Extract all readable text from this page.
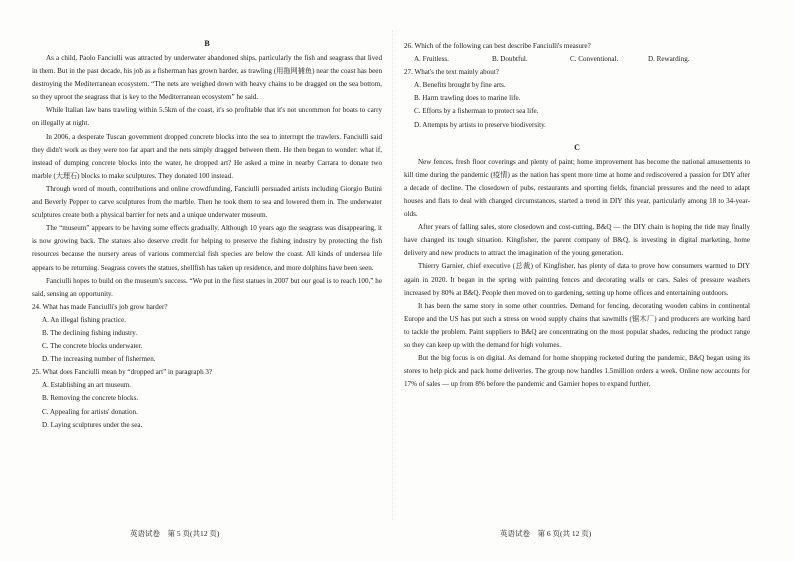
B

As a child, Paolo Fanciulli was attracted by underwater abandoned ships, particularly the fish and seagrass that lived in them. But in the past decade, his job as a fisherman has grown harder, as trawling (用拖网捕鱼) near the coast has been destroying the Mediterranean ecosystem. “The nets are weighed down with heavy chains to be dragged on the sea bottom, so they uproot the seagrass that is key to the Mediterranean ecosystem” he said.

While Italian law bans trawling within 5.5km of the coast, it's so profitable that it's not uncommon for boats to carry on illegally at night.

In 2006, a desperate Tuscan government dropped concrete blocks into the sea to interrupt the trawlers. Fanciulli said they didn't work as they were too far apart and the nets simply dragged between them. He then began to wonder: what if, instead of dumping concrete blocks into the water, he dropped art? He asked a mine in nearby Carrara to donate two marble (大理石) blocks to make sculptures. They donated 100 instead.

Through word of mouth, contributions and online crowdfunding, Fanciulli persuaded artists including Giorgio Butini and Beverly Pepper to carve sculptures from the marble. Then he took them to sea and lowered them in. The underwater sculptures create both a physical barrier for nets and a unique underwater museum.

The “museum” appears to be having some effects gradually. Although 10 years ago the seagrass was disappearing, it is now growing back. The statues also deserve credit for helping to preserve the fishing industry by protecting the fish resources because the nursery areas of various commercial fish species are below the coast. All kinds of undersea life appears to be returning. Seagrass covers the statues, shellfish has taken up residence, and more dolphins have been seen.

Fanciulli hopes to build on the museum's success. “We put in the first statues in 2007 but our goal is to reach 100,” he said, sensing an opportunity.

24. What has made Fanciulli's job grow harder?
A. An illegal fishing practice.
B. The declining fishing industry.
C. The concrete blocks underwater.
D. The increasing number of fishermen.
25. What does Fanciulli mean by “dropped art” in paragraph 3?
A. Establishing an art museum.
B. Removing the concrete blocks.
C. Appealing for artists' donation.
D. Laying sculptures under the sea.
英语试卷　第 5 页(共12 页)
26. Which of the following can best describe Fanciulli's measure?
A. Fruitless.	B. Doubtful.	C. Conventional.	D. Rewarding.
27. What's the text mainly about?
A. Benefits brought by fine arts.
B. Harm trawling does to marine life.
C. Efforts by a fisherman to protect sea life.
D. Attempts by artists to preserve biodiversity.
C

New fences, fresh floor coverings and plenty of paint; home improvement has become the national amusements to kill time during the pandemic (疫情) as the nation has spent more time at home and rediscovered a passion for DIY after a decade of decline. The closedown of pubs, restaurants and sporting fields, financial pressures and the need to adapt houses and flats to deal with changed circumstances, started a trend in DIY this year, particularly among 18 to 34-year-olds.

After years of falling sales, store closedown and cost-cutting, B&Q — the DIY chain is hoping the tide may finally have changed its tough situation. Kingfisher, the parent company of B&Q, is investing in digital marketing, home delivery and new products to attract the imagination of the young generation.

Thierry Garnier, chief executive (总裁) of Kingfisher, has plenty of data to prove how consumers warmed to DIY again in 2020. It began in the spring with painting fences and decorating walls or cars. Sales of pressure washers increased by 80% at B&Q. People then moved on to gardening, setting up home offices and entertaining outdoors.

It has been the same story in some other countries. Demand for fencing, decorating wooden cabins in continental Europe and the US has put such a stress on wood supply chains that sawmills (锯木厂) and producers are working hard to tackle the problem. Paint suppliers to B&Q are concentrating on the most popular shades, reducing the product range so they can keep up with the demand for high volumes.

But the big focus is on digital. As demand for home shopping rocketed during the pandemic, B&Q began using its stores to help pick and pack home deliveries. The group now handles 1.5million orders a week. Online now accounts for 17% of sales — up from 8% before the pandemic and Garnier hopes to expand further.

英语试卷　第 6 页(共 12 页)
